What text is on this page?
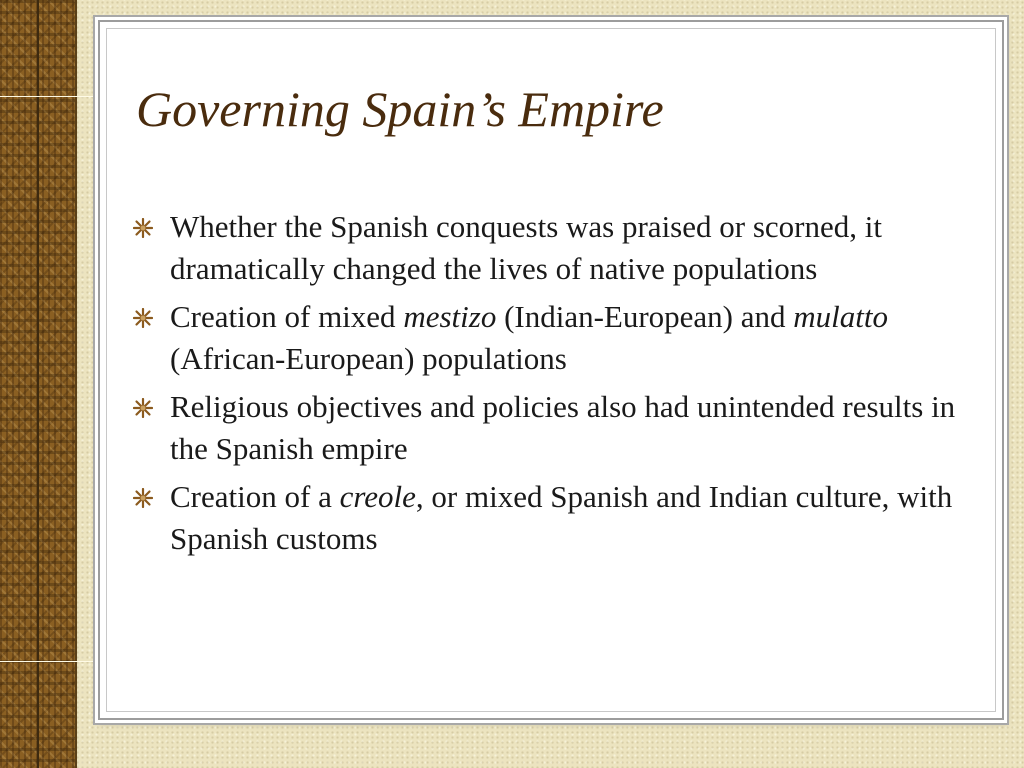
Governing Spain’s Empire
Whether the Spanish conquests was praised or scorned, it dramatically changed the lives of native populations
Creation of mixed mestizo (Indian-European) and mulatto (African-European) populations
Religious objectives and policies also had unintended results in the Spanish empire
Creation of a creole, or mixed Spanish and Indian culture, with Spanish customs
